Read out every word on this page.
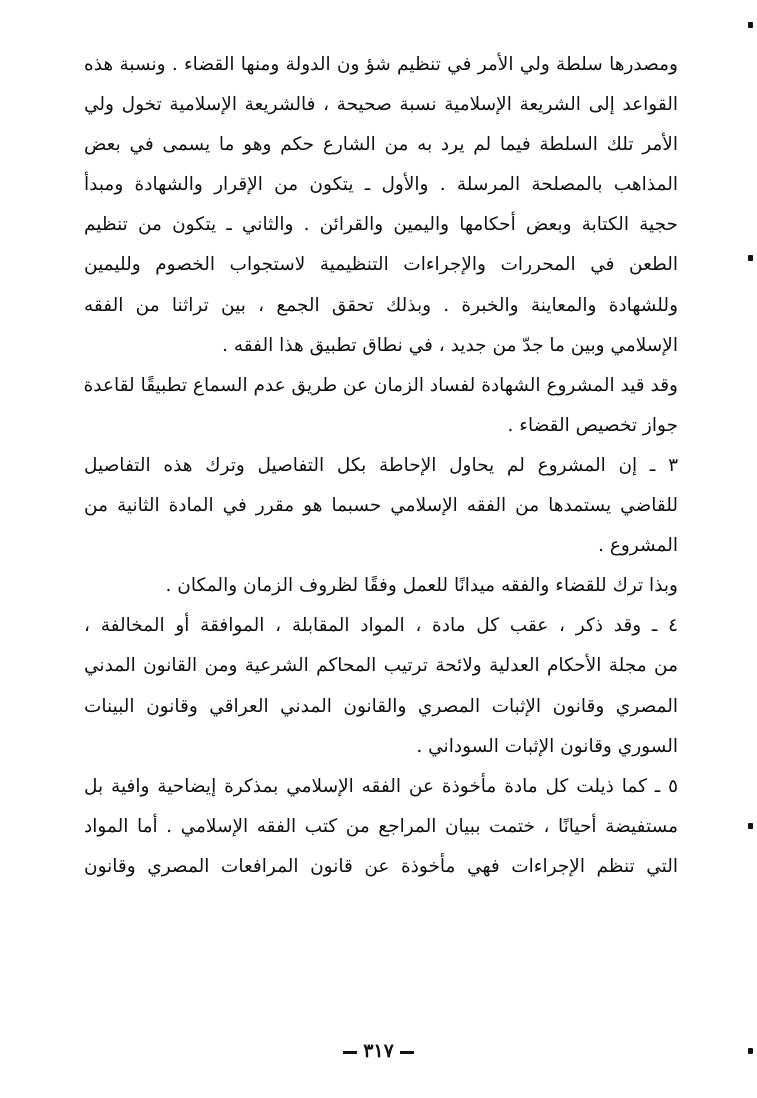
ومصدرها سلطة ولي الأمر في تنظيم شؤ ون الدولة ومنها القضاء . ونسبة هذه
القواعد إلى الشريعة الإسلامية نسبة صحيحة ، فالشريعة الإسلامية تخول ولي
الأمر تلك السلطة فيما لم يرد به من الشارع حكم وهو ما يسمى في بعض
المذاهب بالمصلحة المرسلة . والأول ـ يتكون من الإقرار والشهادة ومبدأ
حجية الكتابة وبعض أحكامها واليمين والقرائن . والثاني ـ يتكون من تنظيم
الطعن في المحررات والإجراءات التنظيمية لاستجواب الخصوم ولليمين
وللشهادة والمعاينة والخبرة . وبذلك تحقق الجمع ، بين تراثنا من الفقه
الإسلامي وبين ما جدّ من جديد ، في نطاق تطبيق هذا الفقه .
وقد قيد المشروع الشهادة لفساد الزمان عن طريق عدم السماع تطبيقًا لقاعدة
جواز تخصيص القضاء .
٣ ـ إن المشروع لم يحاول الإحاطة بكل التفاصيل وترك هذه التفاصيل
للقاضي يستمدها من الفقه الإسلامي حسبما هو مقرر في المادة الثانية من
المشروع .
وبذا ترك للقضاء والفقه ميدانًا للعمل وفقًا لظروف الزمان والمكان .
٤ ـ وقد ذكر ، عقب كل مادة ، المواد المقابلة ، الموافقة أو المخالفة ،
من مجلة الأحكام العدلية ولائحة ترتيب المحاكم الشرعية ومن القانون المدني
المصري وقانون الإثبات المصري والقانون المدني العراقي وقانون البينات
السوري وقانون الإثبات السوداني .
٥ ـ كما ذيلت كل مادة مأخوذة عن الفقه الإسلامي بمذكرة إيضاحية وافية بل
مستفيضة أحيانًا ، ختمت ببيان المراجع من كتب الفقه الإسلامي . أما المواد
التي تنظم الإجراءات فهي مأخوذة عن قانون المرافعات المصري وقانون
٣١٧
